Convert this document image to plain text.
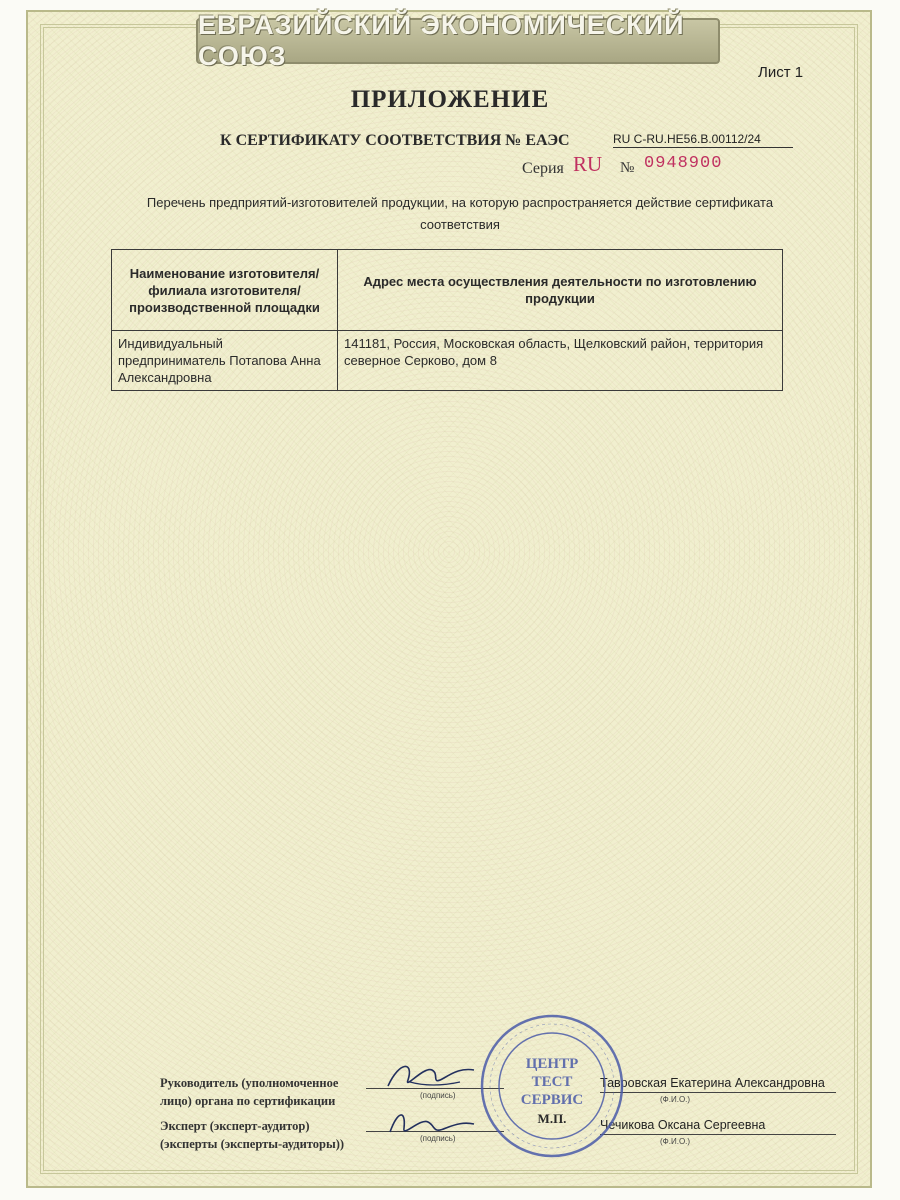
ЕВРАЗИЙСКИЙ ЭКОНОМИЧЕСКИЙ СОЮЗ
Лист 1
ПРИЛОЖЕНИЕ
К СЕРТИФИКАТУ СООТВЕТСТВИЯ № ЕАЭС	RU C-RU.НЕ56.В.00112/24
Серия RU № 0948900
Перечень предприятий-изготовителей продукции, на которую распространяется действие сертификата соответствия
Наименование изготовителя/филиала изготовителя/производственной площадки	Адрес места осуществления деятельности по изготовлению продукции
Индивидуальный предприниматель Потапова Анна Александровна	141181, Россия, Московская область, Щелковский район, территория северное Серково, дом 8
Руководитель (уполномоченное
лицо) органа по сертификации	(подпись)
Тавровская Екатерина Александровна
(Ф.И.О.)
Эксперт (эксперт-аудитор)
(эксперты (эксперты-аудиторы))	(подпись)
Чечикова Оксана Сергеевна
(Ф.И.О.)
ЦЕНТР
ТЕСТ
СЕРВИС
М.П.
